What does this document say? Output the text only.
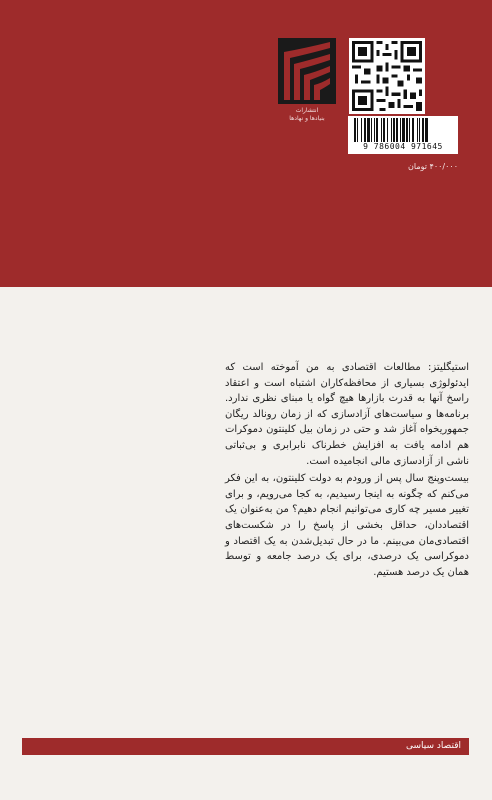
انتشارات
بنیادها و نهادها
9 786004 971645
۴۰۰/۰۰۰ تومان

استیگلیتز: مطالعات اقتصادی به من آموخته است که ایدئولوژی بسیاری از محافظه‌کاران اشتباه است و اعتقاد راسخ آنها به قدرت بازارها هیچ گواه یا مبنای نظری ندارد. برنامه‌ها و سیاست‌های آزادسازی که از زمان رونالد ریگان جمهوریخواه آغاز شد و حتی در زمان بیل کلینتون دموکرات هم ادامه یافت به افزایش خطرناک نابرابری و بی‌ثباتی ناشی از آزادسازی مالی انجامیده است.

بیست‌وپنج سال پس از ورودم به دولت کلینتون، به این فکر می‌کنم که چگونه به اینجا رسیدیم، به کجا می‌رویم، و برای تغییر مسیر چه کاری می‌توانیم انجام دهیم؟ من به‌عنوان یک اقتصاددان، حداقل بخشی از پاسخ را در شکست‌های اقتصادی‌مان می‌بینم. ما در حال تبدیل‌شدن به یک اقتصاد و دموکراسی یک درصدی، برای یک درصد جامعه و توسط همان یک درصد هستیم.

اقتصاد سیاسی
